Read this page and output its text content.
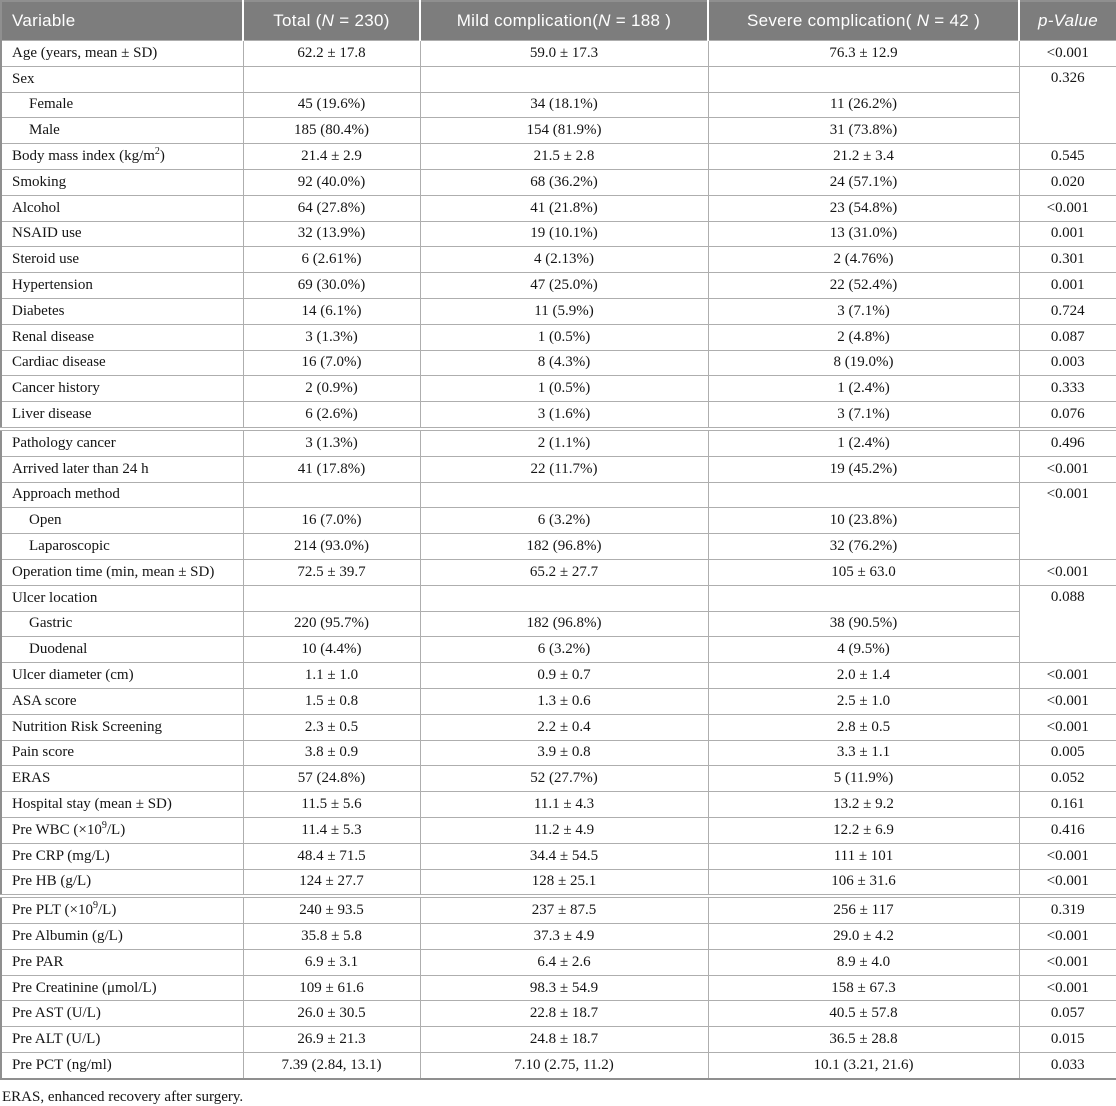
Variable	Total (N = 230)	Mild complication(N = 188 )	Severe complication( N = 42 )	p-Value
Age (years, mean ± SD)	62.2 ± 17.8	59.0 ± 17.3	76.3 ± 12.9	<0.001
Sex				0.326
Female	45 (19.6%)	34 (18.1%)	11 (26.2%)	
Male	185 (80.4%)	154 (81.9%)	31 (73.8%)	
Body mass index $(kg/m^2)$	21.4 ± 2.9	21.5 ± 2.8	21.2 ± 3.4	0.545
Smoking	92 (40.0%)	68 (36.2%)	24 (57.1%)	0.020
Alcohol	64 (27.8%)	41 (21.8%)	23 (54.8%)	<0.001
NSAID use	32 (13.9%)	19 (10.1%)	13 (31.0%)	0.001
Steroid use	6 (2.61%)	4 (2.13%)	2 (4.76%)	0.301
Hypertension	69 (30.0%)	47 (25.0%)	22 (52.4%)	0.001
Diabetes	14 (6.1%)	11 (5.9%)	3 (7.1%)	0.724
Renal disease	3 (1.3%)	1 (0.5%)	2 (4.8%)	0.087
Cardiac disease	16 (7.0%)	8 (4.3%)	8 (19.0%)	0.003
Cancer history	2 (0.9%)	1 (0.5%)	1 (2.4%)	0.333
Liver disease	6 (2.6%)	3 (1.6%)	3 (7.1%)	0.076
Pathology cancer	3 (1.3%)	2 (1.1%)	1 (2.4%)	0.496
Arrived later than 24 h	41 (17.8%)	22 (11.7%)	19 (45.2%)	<0.001
Approach method				<0.001
Open	16 (7.0%)	6 (3.2%)	10 (23.8%)	
Laparoscopic	214 (93.0%)	182 (96.8%)	32 (76.2%)	
Operation time (min, mean ± SD)	72.5 ± 39.7	65.2 ± 27.7	105 ± 63.0	<0.001
Ulcer location				0.088
Gastric	220 (95.7%)	182 (96.8%)	38 (90.5%)	
Duodenal	10 (4.4%)	6 (3.2%)	4 (9.5%)	
Ulcer diameter (cm)	1.1 ± 1.0	0.9 ± 0.7	2.0 ± 1.4	<0.001
ASA score	1.5 ± 0.8	1.3 ± 0.6	2.5 ± 1.0	<0.001
Nutrition Risk Screening	2.3 ± 0.5	2.2 ± 0.4	2.8 ± 0.5	<0.001
Pain score	3.8 ± 0.9	3.9 ± 0.8	3.3 ± 1.1	0.005
ERAS	57 (24.8%)	52 (27.7%)	5 (11.9%)	0.052
Hospital stay (mean ± SD)	11.5 ± 5.6	11.1 ± 4.3	13.2 ± 9.2	0.161
Pre WBC $(\times 10^9/L)$	11.4 ± 5.3	11.2 ± 4.9	12.2 ± 6.9	0.416
Pre CRP (mg/L)	48.4 ± 71.5	34.4 ± 54.5	111 ± 101	<0.001
Pre HB (g/L)	124 ± 27.7	128 ± 25.1	106 ± 31.6	<0.001
Pre PLT $(\times 10^9/L)$	240 ± 93.5	237 ± 87.5	256 ± 117	0.319
Pre Albumin (g/L)	35.8 ± 5.8	37.3 ± 4.9	29.0 ± 4.2	<0.001
Pre PAR	6.9 ± 3.1	6.4 ± 2.6	8.9 ± 4.0	<0.001
Pre Creatinine (μmol/L)	109 ± 61.6	98.3 ± 54.9	158 ± 67.3	<0.001
Pre AST (U/L)	26.0 ± 30.5	22.8 ± 18.7	40.5 ± 57.8	0.057
Pre ALT (U/L)	26.9 ± 21.3	24.8 ± 18.7	36.5 ± 28.8	0.015
Pre PCT (ng/ml)	7.39 (2.84, 13.1)	7.10 (2.75, 11.2)	10.1 (3.21, 21.6)	0.033
ERAS, enhanced recovery after surgery.
